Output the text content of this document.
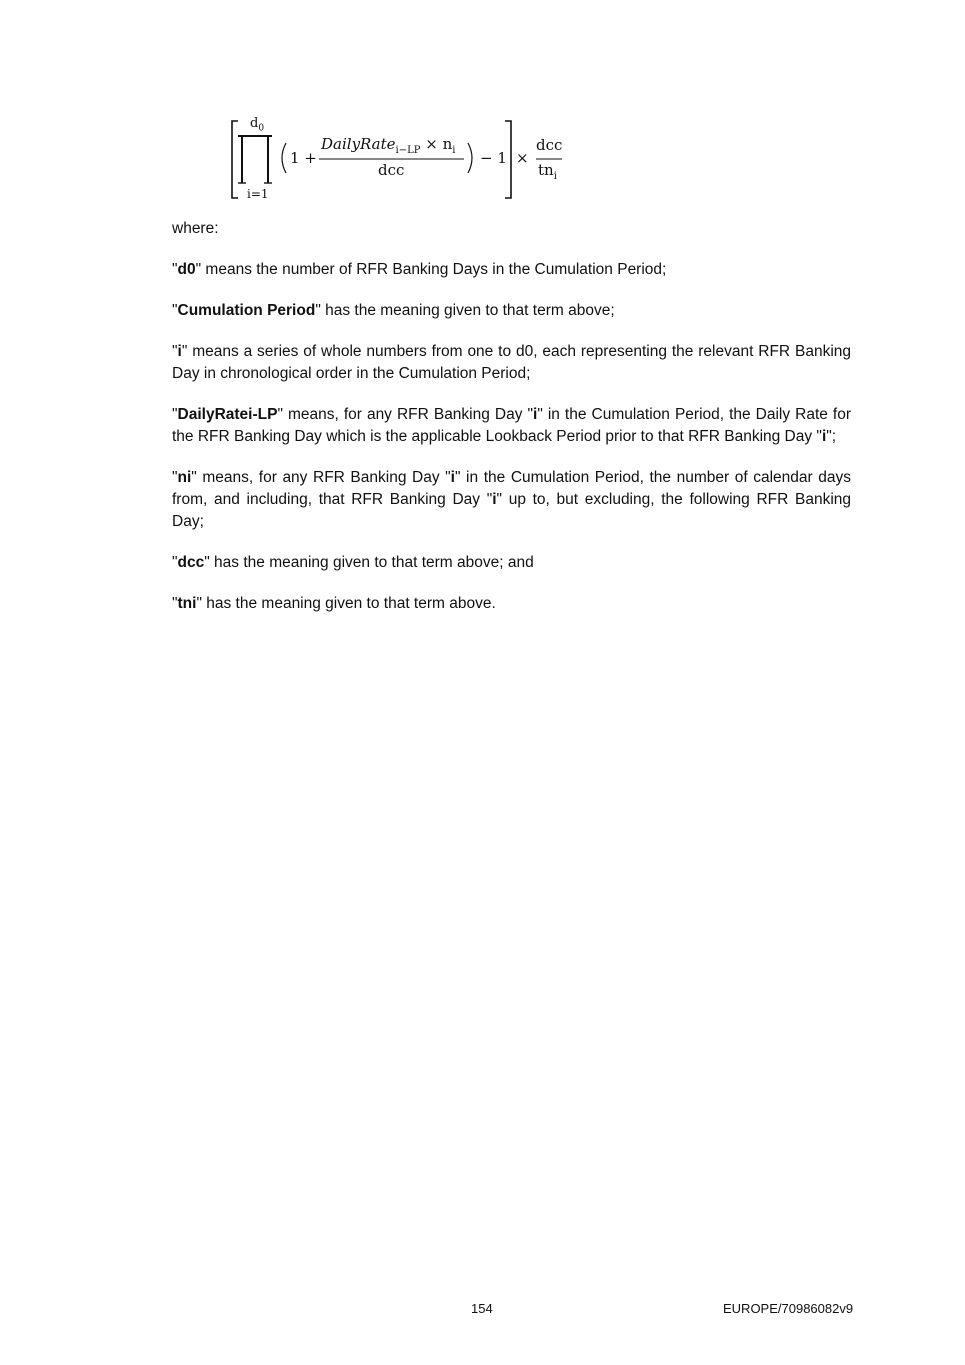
$d_0$
i=1
1 +
DailyRate$_{i-LP}$ × $n_i$
dcc
− 1 ×
dcc
$tn_i$

where:

"d0" means the number of RFR Banking Days in the Cumulation Period;

"Cumulation Period" has the meaning given to that term above;

"i" means a series of whole numbers from one to d0, each representing the relevant RFR Banking Day in chronological order in the Cumulation Period;

"DailyRatei-LP" means, for any RFR Banking Day "i" in the Cumulation Period, the Daily Rate for the RFR Banking Day which is the applicable Lookback Period prior to that RFR Banking Day "i";

"ni" means, for any RFR Banking Day "i" in the Cumulation Period, the number of calendar days from, and including, that RFR Banking Day "i" up to, but excluding, the following RFR Banking Day;

"dcc" has the meaning given to that term above; and

"tni" has the meaning given to that term above.

154	EUROPE/70986082v9
